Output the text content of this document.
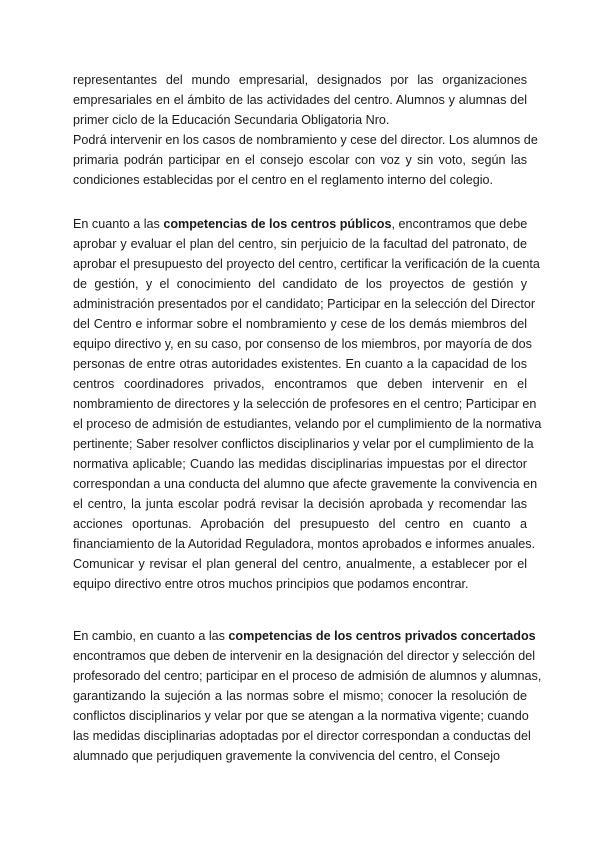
representantes del mundo empresarial, designados por las organizaciones
empresariales en el ámbito de las actividades del centro. Alumnos y alumnas del
primer ciclo de la Educación Secundaria Obligatoria Nro.
Podrá intervenir en los casos de nombramiento y cese del director. Los alumnos de
primaria podrán participar en el consejo escolar con voz y sin voto, según las
condiciones establecidas por el centro en el reglamento interno del colegio.
En cuanto a las competencias de los centros públicos, encontramos que debe
aprobar y evaluar el plan del centro, sin perjuicio de la facultad del patronato, de
aprobar el presupuesto del proyecto del centro, certificar la verificación de la cuenta
de gestión, y el conocimiento del candidato de los proyectos de gestión y
administración presentados por el candidato; Participar en la selección del Director
del Centro e informar sobre el nombramiento y cese de los demás miembros del
equipo directivo y, en su caso, por consenso de los miembros, por mayoría de dos
personas de entre otras autoridades existentes. En cuanto a la capacidad de los
centros coordinadores privados, encontramos que deben intervenir en el
nombramiento de directores y la selección de profesores en el centro; Participar en
el proceso de admisión de estudiantes, velando por el cumplimiento de la normativa
pertinente; Saber resolver conflictos disciplinarios y velar por el cumplimiento de la
normativa aplicable; Cuando las medidas disciplinarias impuestas por el director
correspondan a una conducta del alumno que afecte gravemente la convivencia en
el centro, la junta escolar podrá revisar la decisión aprobada y recomendar las
acciones oportunas. Aprobación del presupuesto del centro en cuanto a
financiamiento de la Autoridad Reguladora, montos aprobados e informes anuales.
Comunicar y revisar el plan general del centro, anualmente, a establecer por el
equipo directivo entre otros muchos principios que podamos encontrar.
En cambio, en cuanto a las competencias de los centros privados concertados
encontramos que deben de intervenir en la designación del director y selección del
profesorado del centro; participar en el proceso de admisión de alumnos y alumnas,
garantizando la sujeción a las normas sobre el mismo; conocer la resolución de
conflictos disciplinarios y velar por que se atengan a la normativa vigente; cuando
las medidas disciplinarias adoptadas por el director correspondan a conductas del
alumnado que perjudiquen gravemente la convivencia del centro, el Consejo
